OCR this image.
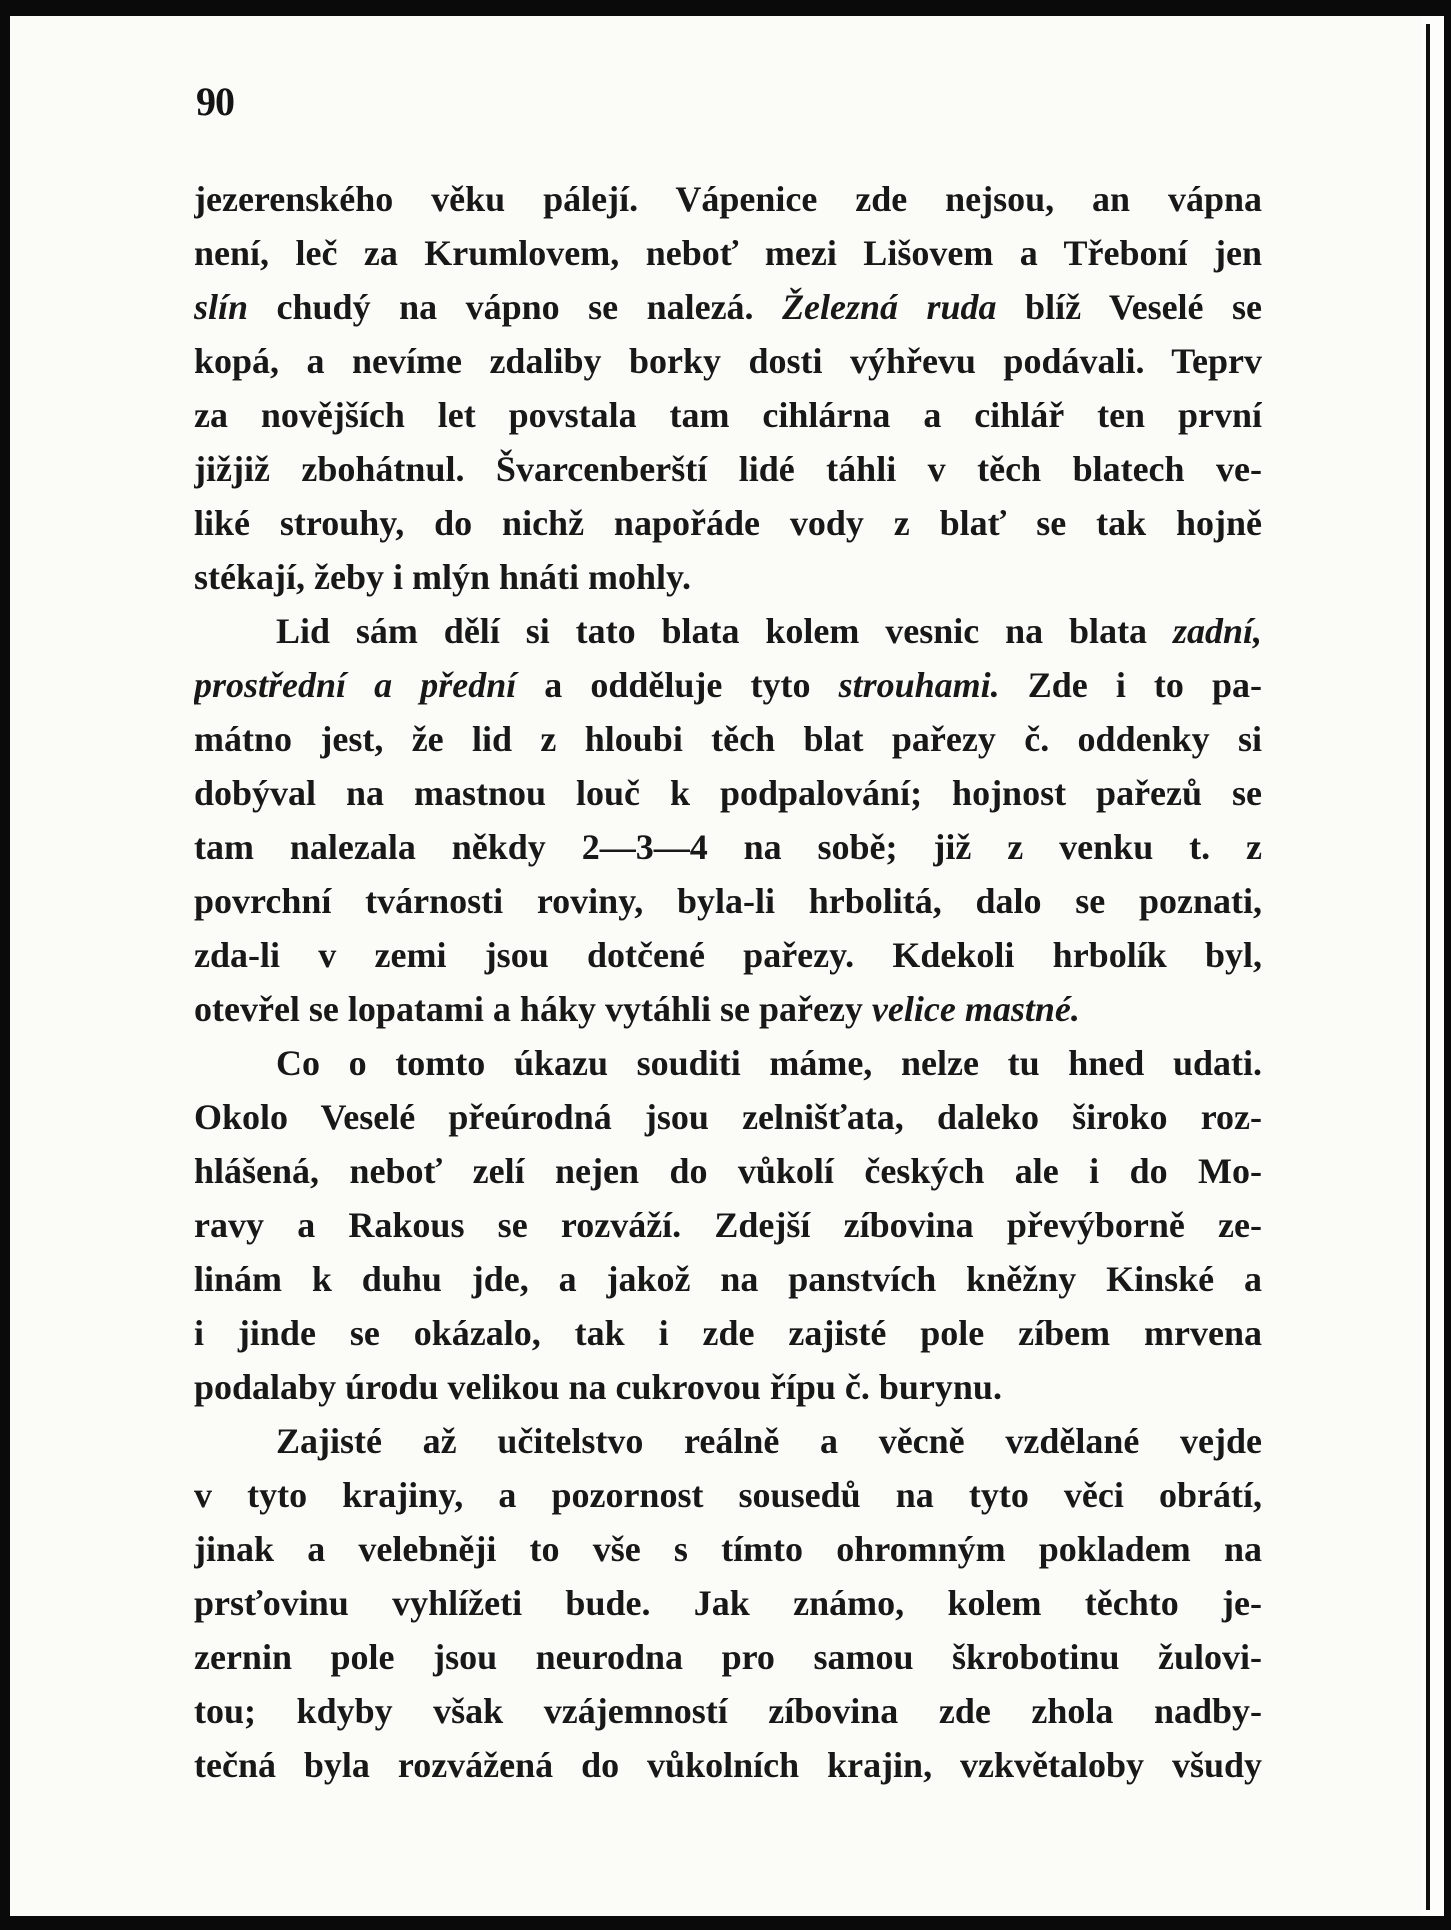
90

jezerenského věku pálejí. Vápenice zde nejsou, an vápna
není, leč za Krumlovem, neboť mezi Lišovem a Třeboní jen
slín chudý na vápno se nalezá. Železná ruda blíž Veselé se
kopá, a nevíme zdaliby borky dosti výhřevu podávali. Teprv
za novějších let povstala tam cihlárna a cihlář ten první
jižjiž zbohátnul. Švarcenberští lidé táhli v těch blatech ve-
liké strouhy, do nichž napořáde vody z blať se tak hojně
stékají, žeby i mlýn hnáti mohly.
Lid sám dělí si tato blata kolem vesnic na blata zadní,
prostřední a přední a odděluje tyto strouhami. Zde i to pa-
mátno jest, že lid z hloubi těch blat pařezy č. oddenky si
dobýval na mastnou louč k podpalování; hojnost pařezů se
tam nalezala někdy 2—3—4 na sobě; již z venku t. z
povrchní tvárnosti roviny, byla-li hrbolitá, dalo se poznati,
zda-li v zemi jsou dotčené pařezy. Kdekoli hrbolík byl,
otevřel se lopatami a háky vytáhli se pařezy velice mastné.
Co o tomto úkazu souditi máme, nelze tu hned udati.
Okolo Veselé přeúrodná jsou zelnišťata, daleko široko roz-
hlášená, neboť zelí nejen do vůkolí českých ale i do Mo-
ravy a Rakous se rozváží. Zdejší zíbovina převýborně ze-
linám k duhu jde, a jakož na panstvích kněžny Kinské a
i jinde se okázalo, tak i zde zajisté pole zíbem mrvena
podalaby úrodu velikou na cukrovou řípu č. burynu.
Zajisté až učitelstvo reálně a věcně vzdělané vejde
v tyto krajiny, a pozornost sousedů na tyto věci obrátí,
jinak a velebněji to vše s tímto ohromným pokladem na
prsťovinu vyhlížeti bude. Jak známo, kolem těchto je-
zernin pole jsou neurodna pro samou škrobotinu žulovi-
tou; kdyby však vzájemností zíbovina zde zhola nadby-
tečná byla rozvážená do vůkolních krajin, vzkvětaloby všudy
